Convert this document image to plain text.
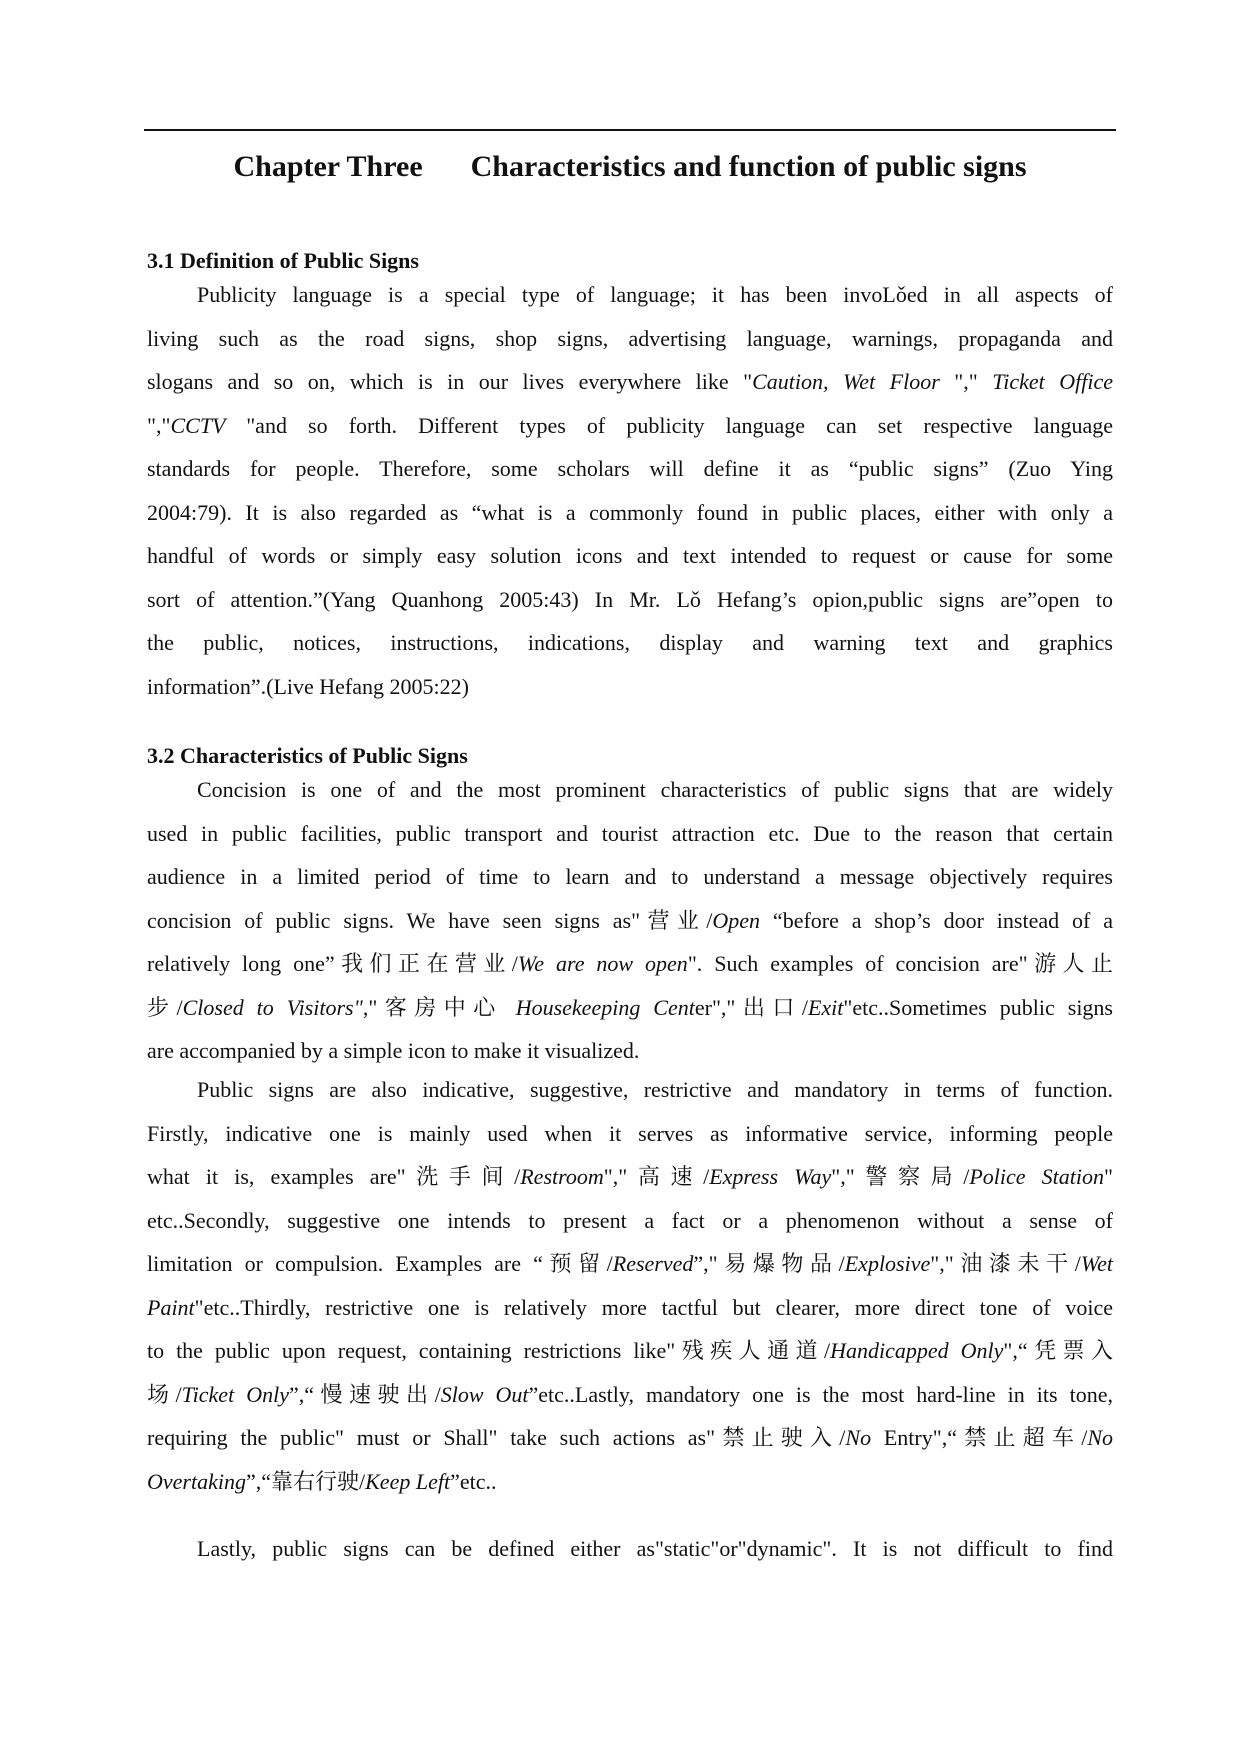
Chapter Three Characteristics and function of public signs
3.1 Definition of Public Signs
Publicity language is a special type of language; it has been invoLǒed in all aspects of
living such as the road signs, shop signs, advertising language, warnings, propaganda and
slogans and so on, which is in our lives everywhere like "Caution, Wet Floor "," Ticket Office
","CCTV "and so forth. Different types of publicity language can set respective language
standards for people. Therefore, some scholars will define it as “public signs” (Zuo Ying
2004:79). It is also regarded as “what is a commonly found in public places, either with only a
handful of words or simply easy solution icons and text intended to request or cause for some
sort of attention.”(Yang Quanhong 2005:43) In Mr. Lǒ Hefang’s opion,public signs are”open to
the public, notices, instructions, indications, display and warning text and graphics
information”.(Live Hefang 2005:22)
3.2 Characteristics of Public Signs
Concision is one of and the most prominent characteristics of public signs that are widely
used in public facilities, public transport and tourist attraction etc. Due to the reason that certain
audience in a limited period of time to learn and to understand a message objectively requires
concision of public signs. We have seen signs as"营业/Open “before a shop’s door instead of a
relatively long one”我们正在营业/We are now open". Such examples of concision are"游人止
步/Closed to Visitors","客房中心 Housekeeping Center","出口/Exit"etc..Sometimes public signs
are accompanied by a simple icon to make it visualized.
Public signs are also indicative, suggestive, restrictive and mandatory in terms of function.
Firstly, indicative one is mainly used when it serves as informative service, informing people
what it is, examples are"洗手间/Restroom","高速/Express Way","警察局/Police Station"
etc..Secondly, suggestive one intends to present a fact or a phenomenon without a sense of
limitation or compulsion. Examples are “预留/Reserved”,"易爆物品/Explosive","油漆未干/Wet
Paint"etc..Thirdly, restrictive one is relatively more tactful but clearer, more direct tone of voice
to the public upon request, containing restrictions like"残疾人通道/Handicapped Only",“凭票入
场/Ticket Only”,“慢速驶出/Slow Out”etc..Lastly, mandatory one is the most hard-line in its tone,
requiring the public" must or Shall" take such actions as"禁止驶入/No Entry",“禁止超车/No
Overtaking”,“靠右行驶/Keep Left”etc..
Lastly, public signs can be defined either as"static"or"dynamic". It is not difficult to find
